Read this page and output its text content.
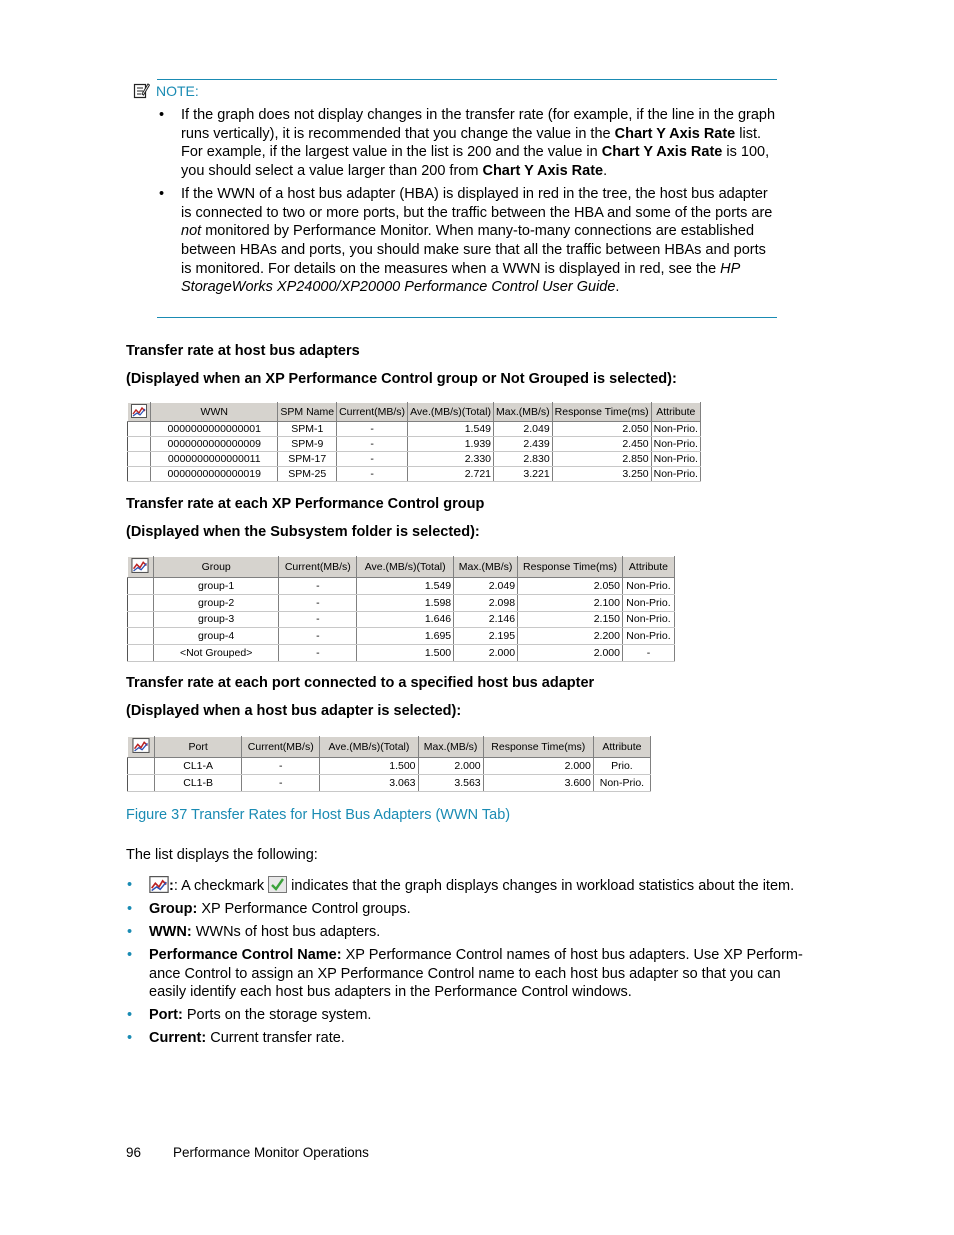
NOTE:
• If the graph does not display changes in the transfer rate (for example, if the line in the graph runs vertically), it is recommended that you change the value in the Chart Y Axis Rate list. For example, if the largest value in the list is 200 and the value in Chart Y Axis Rate is 100, you should select a value larger than 200 from Chart Y Axis Rate.
• If the WWN of a host bus adapter (HBA) is displayed in red in the tree, the host bus adapter is connected to two or more ports, but the traffic between the HBA and some of the ports are not monitored by Performance Monitor. When many-to-many connections are established between HBAs and ports, you should make sure that all the traffic between HBAs and ports is monitored. For details on the measures when a WWN is displayed in red, see the HP StorageWorks XP24000/XP20000 Performance Control User Guide.
Transfer rate at host bus adapters
(Displayed when an XP Performance Control group or Not Grouped is selected):
	WWN	SPM Name	Current(MB/s)	Ave.(MB/s)(Total)	Max.(MB/s)	Response Time(ms)	Attribute
	0000000000000001	SPM-1	-	1.549	2.049	2.050	Non-Prio.
	0000000000000009	SPM-9	-	1.939	2.439	2.450	Non-Prio.
	0000000000000011	SPM-17	-	2.330	2.830	2.850	Non-Prio.
	0000000000000019	SPM-25	-	2.721	3.221	3.250	Non-Prio.
Transfer rate at each XP Performance Control group
(Displayed when the Subsystem folder is selected):
	Group	Current(MB/s)	Ave.(MB/s)(Total)	Max.(MB/s)	Response Time(ms)	Attribute
	group-1	-	1.549	2.049	2.050	Non-Prio.
	group-2	-	1.598	2.098	2.100	Non-Prio.
	group-3	-	1.646	2.146	2.150	Non-Prio.
	group-4	-	1.695	2.195	2.200	Non-Prio.
	<Not Grouped>	-	1.500	2.000	2.000	-
Transfer rate at each port connected to a specified host bus adapter
(Displayed when a host bus adapter is selected):
	Port	Current(MB/s)	Ave.(MB/s)(Total)	Max.(MB/s)	Response Time(ms)	Attribute
	CL1-A	-	1.500	2.000	2.000	Prio.
	CL1-B	-	3.063	3.563	3.600	Non-Prio.
Figure 37 Transfer Rates for Host Bus Adapters (WWN Tab)
The list displays the following:
• :: A checkmark  indicates that the graph displays changes in workload statistics about the item.
• Group: XP Performance Control groups.
• WWN: WWNs of host bus adapters.
• Performance Control Name: XP Performance Control names of host bus adapters. Use XP Perform- ance Control to assign an XP Performance Control name to each host bus adapter so that you can easily identify each host bus adapters in the Performance Control windows.
• Port: Ports on the storage system.
• Current: Current transfer rate.
96 Performance Monitor Operations
